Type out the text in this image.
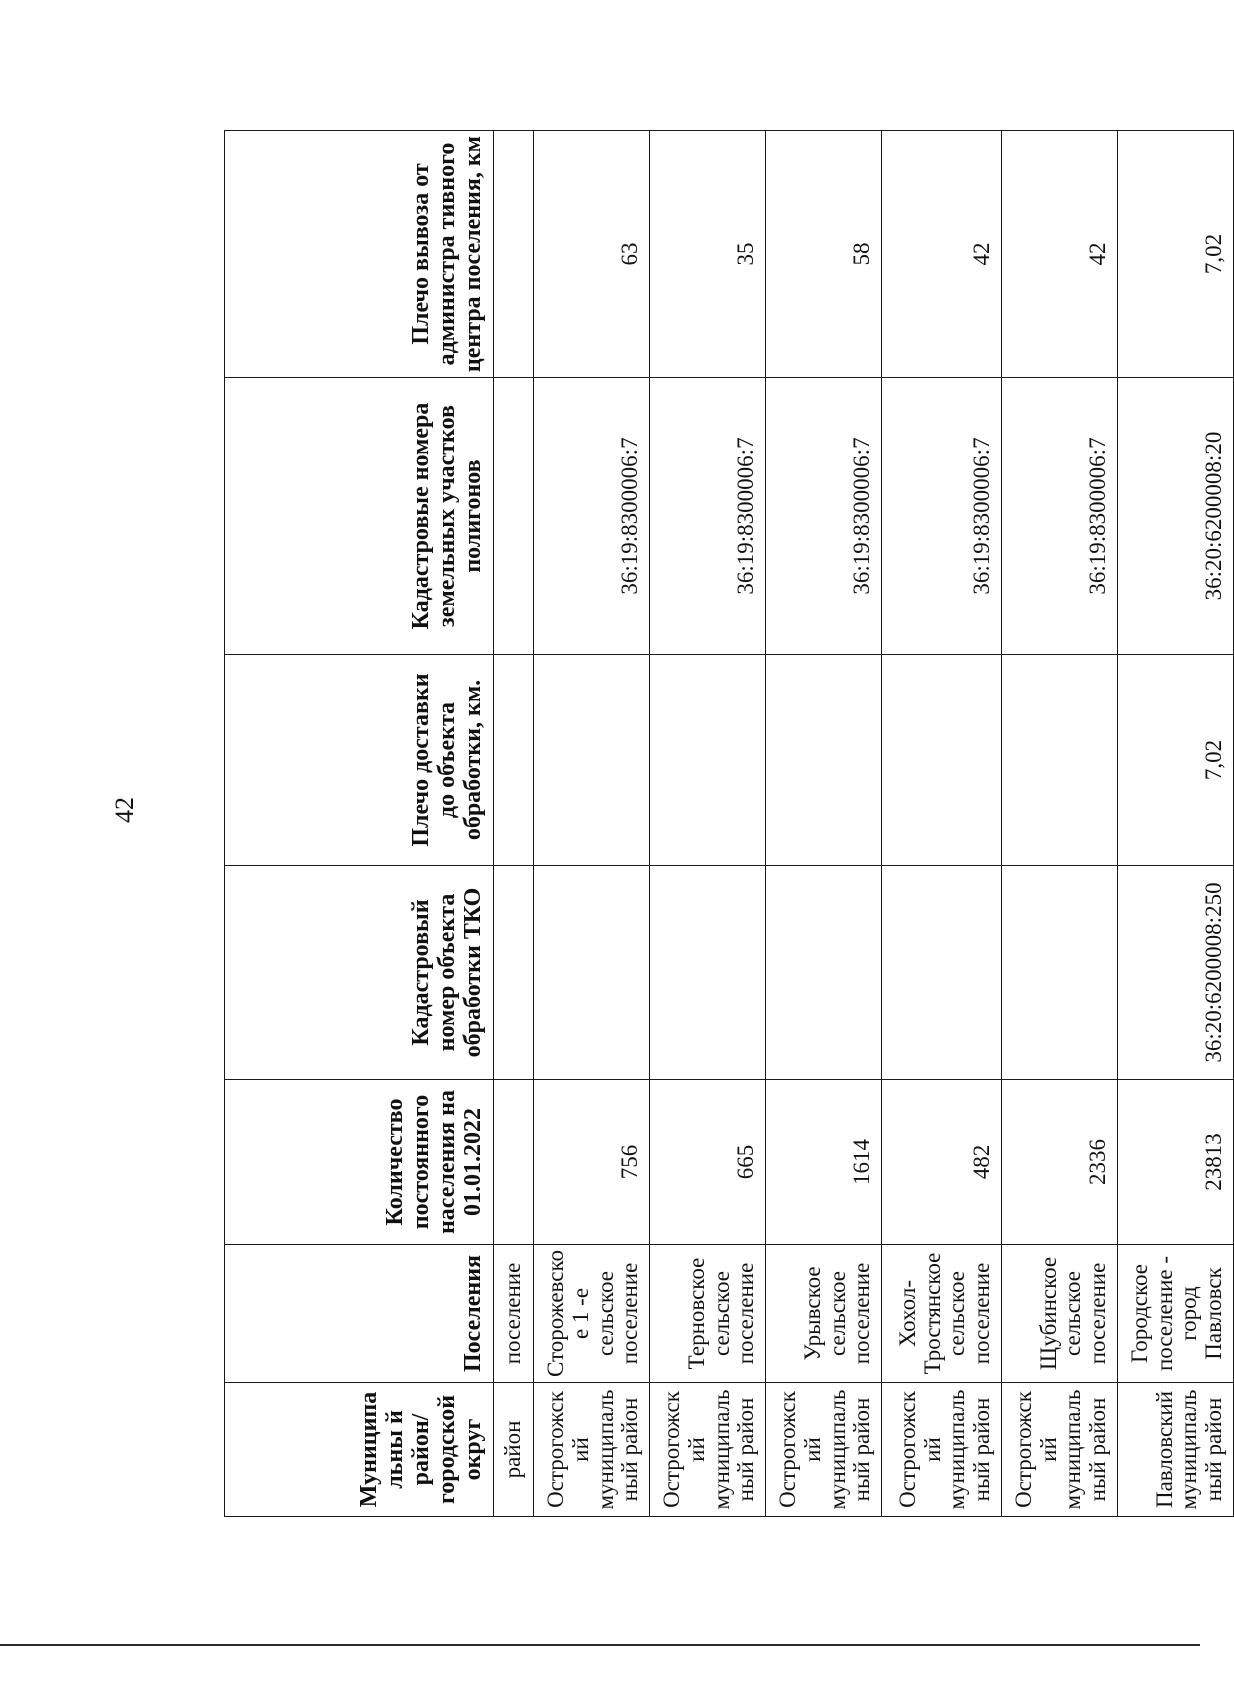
42
Муниципальны й район/ городской округ	Поселения	Количество постоянного населения на 01.01.2022	Кадастровый номер объекта обработки ТКО	Плечо доставки до объекта обработки, км.	Кадастровые номера земельных участков полигонов	Плечо вывоза от администра тивного центра поселения, км
район	поселение					
Острогожский муниципальный район	Сторожевское 1 -е сельское поселение	756			36:19:8300006:7	63
Острогожский муниципальный район	Терновское сельское поселение	665			36:19:8300006:7	35
Острогожский муниципальный район	Урывское сельское поселение	1614			36:19:8300006:7	58
Острогожский муниципальный район	Хохол-Тростянское сельское поселение	482			36:19:8300006:7	42
Острогожский муниципальный район	Щубинское сельское поселение	2336			36:19:8300006:7	42
Павловский муниципальный район	Городское поселение - город Павловск	23813	36:20:6200008:250	7,02	36:20:6200008:20	7,02
